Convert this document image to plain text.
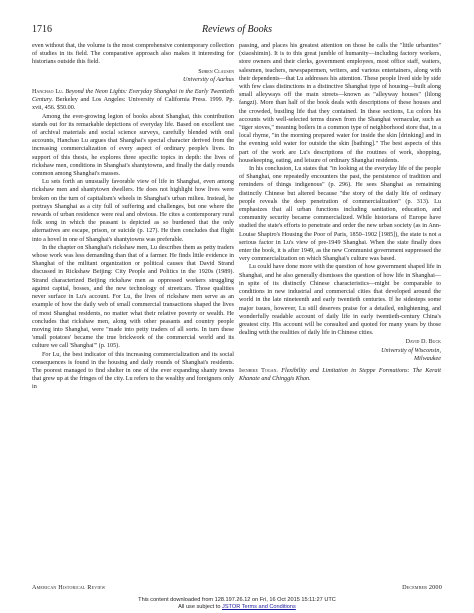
1716	Reviews of Books

even without that, the volume is the most comprehensive contemporary collection of studies in its field. The comparative approach also makes it interesting for historians outside this field.

Søren Clausen
University of Aarhus

Hanchao Lu. Beyond the Neon Lights: Everyday Shanghai in the Early Twentieth Century. Berkeley and Los Angeles: University of California Press. 1999. Pp. xvii, 456. $50.00.

Among the ever-growing legion of books about Shanghai, this contribution stands out for its remarkable depictions of everyday life. Based on excellent use of archival materials and social science surveys, carefully blended with oral accounts, Hanchao Lu argues that Shanghai's special character derived from the increasing commercialization of every aspect of ordinary people's lives. In support of this thesis, he explores three specific topics in depth: the lives of rickshaw men, conditions in Shanghai's shantytowns, and finally the daily rounds common among Shanghai's masses.

Lu sets forth an unusually favorable view of life in Shanghai, even among rickshaw men and shantytown dwellers. He does not highlight how lives were broken on the turn of capitalism's wheels in Shanghai's urban milieu. Instead, he portrays Shanghai as a city full of suffering and challenges, but one where the rewards of urban residence were real and obvious. He cites a contemporary rural folk song in which the peasant is depicted as so burdened that the only alternatives are escape, prison, or suicide (p. 127). He then concludes that flight into a hovel in one of Shanghai's shantytowns was preferable.

In the chapter on Shanghai's rickshaw men, Lu describes them as petty traders whose work was less demanding than that of a farmer. He finds little evidence in Shanghai of the militant organization or political causes that David Strand discussed in Rickshaw Beijing: City People and Politics in the 1920s (1989). Strand characterized Beijing rickshaw men as oppressed workers struggling against capital, bosses, and the new technology of streetcars. Those qualities never surface in Lu's account. For Lu, the lives of rickshaw men serve as an example of how the daily web of small commercial transactions shaped the lives of most Shanghai residents, no matter what their relative poverty or wealth. He concludes that rickshaw men, along with other peasants and country people moving into Shanghai, were "made into petty traders of all sorts. In turn these 'small potatoes' became the true brickwork of the commercial world and its culture we call 'Shanghai'" (p. 105).

For Lu, the best indicator of this increasing commercialization and its social consequences is found in the housing and daily rounds of Shanghai's residents. The poorest managed to find shelter in one of the ever expanding shanty towns that grew up at the fringes of the city. Lu refers to the wealthy and foreigners only in

passing, and places his greatest attention on those he calls the "little urbanites" (xiaoshimin). It is to this great jumble of humanity—including factory workers, store owners and their clerks, government employees, most office staff, waiters, salesmen, teachers, newspapermen, writers, and various entertainers, along with their dependents—that Lu addresses his attention. These people lived side by side with few class distinctions in a distinctive Shanghai type of housing—built along small alleyways off the main streets—known as "alleyway houses" (lilong fangzi). More than half of the book deals with descriptions of these houses and the crowded, bustling life that they contained. In these sections, Lu colors his accounts with well-selected terms drawn from the Shanghai vernacular, such as "tiger stoves," meaning boilers in a common type of neighborhood store that, in a local rhyme, "in the morning prepared water for inside the skin [drinking] and in the evening sold water for outside the skin [bathing]." The best aspects of this part of the work are Lu's descriptions of the routines of work, shopping, housekeeping, eating, and leisure of ordinary Shanghai residents.

In his conclusion, Lu states that "in looking at the everyday life of the people of Shanghai, one repeatedly encounters the past, the persistence of tradition and reminders of things indigenous" (p. 296). He sees Shanghai as remaining distinctly Chinese but altered because "the story of the daily life of ordinary people reveals the deep penetration of commercialization" (p. 313). Lu emphasizes that all urban functions including sanitation, education, and community security became commercialized. While historians of Europe have studied the state's efforts to penetrate and order the new urban society (as in Ann-Louise Shapiro's Housing the Poor of Paris, 1850–1902 [1985]), the state is not a serious factor in Lu's view of pre-1949 Shanghai. When the state finally does enter the book, it is after 1949, as the new Communist government suppressed the very commercialization on which Shanghai's culture was based.

Lu could have done more with the question of how government shaped life in Shanghai, and he also generally dismisses the question of how life in Shanghai—in spite of its distinctly Chinese characteristics—might be comparable to conditions in new industrial and commercial cities that developed around the world in the late nineteenth and early twentieth centuries. If he sidesteps some major issues, however, Lu still deserves praise for a detailed, enlightening, and wonderfully readable account of daily life in early twentieth-century China's greatest city. His account will be consulted and quoted for many years by those dealing with the realities of daily life in Chinese cities.

David D. Buck
University of Wisconsin,
Milwaukee

Isenbike Togan. Flexibility and Limitation in Steppe Formations: The Kerait Khanate and Chinggis Khan.

American Historical Review	December 2000
This content downloaded from 128.197.26.12 on Fri, 16 Oct 2015 15:11:27 UTC
All use subject to JSTOR Terms and Conditions
